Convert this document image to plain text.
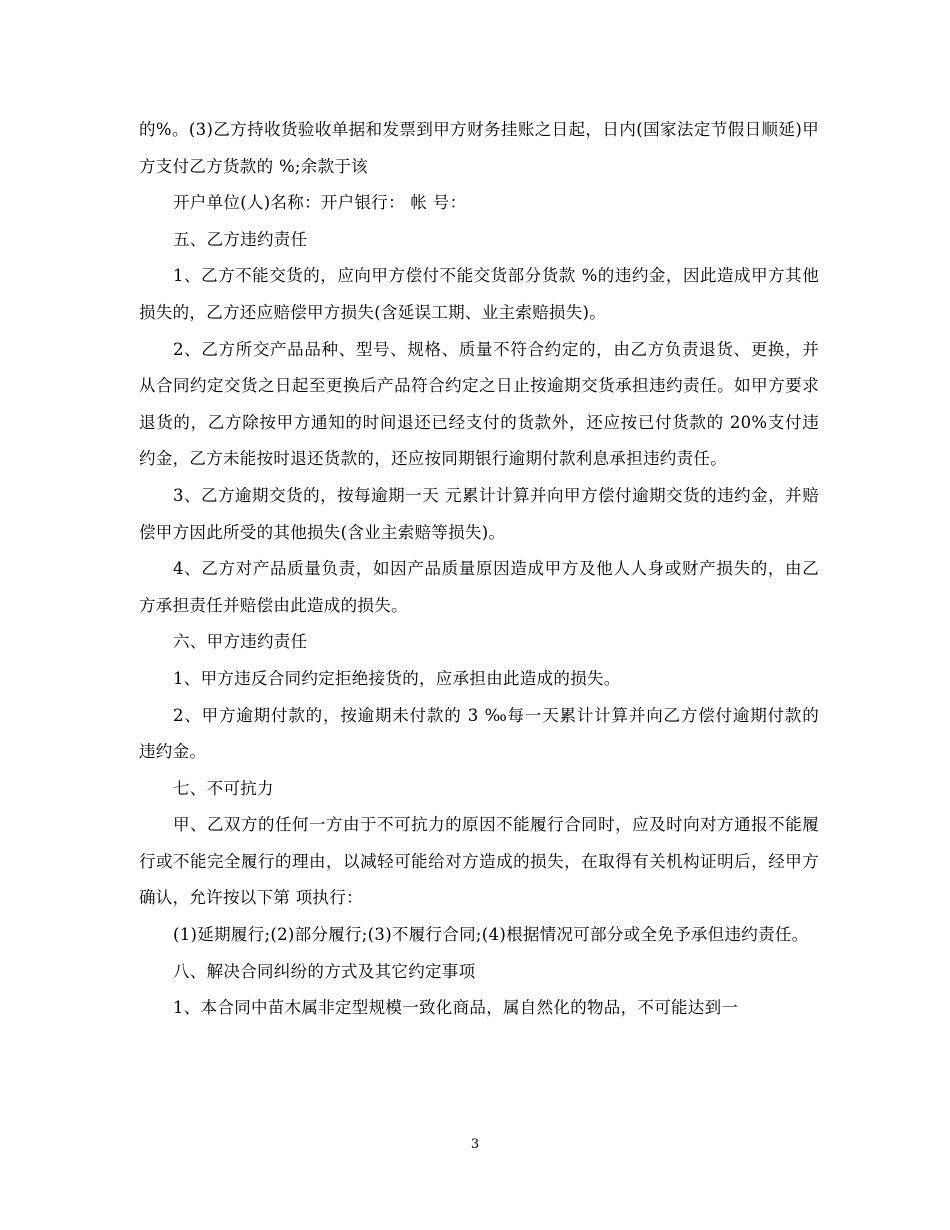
的%。(3)乙方持收货验收单据和发票到甲方财务挂账之日起，日内(国家法定节假日顺延)甲方支付乙方货款的 %;余款于该

开户单位(人)名称：开户银行： 帐 号：

五、乙方违约责任

1、乙方不能交货的，应向甲方偿付不能交货部分货款 %的违约金，因此造成甲方其他损失的，乙方还应赔偿甲方损失(含延误工期、业主索赔损失)。

2、乙方所交产品品种、型号、规格、质量不符合约定的，由乙方负责退货、更换，并从合同约定交货之日起至更换后产品符合约定之日止按逾期交货承担违约责任。如甲方要求退货的，乙方除按甲方通知的时间退还已经支付的货款外，还应按已付货款的 20%支付违约金，乙方未能按时退还货款的，还应按同期银行逾期付款利息承担违约责任。

3、乙方逾期交货的，按每逾期一天 元累计计算并向甲方偿付逾期交货的违约金，并赔偿甲方因此所受的其他损失(含业主索赔等损失)。

4、乙方对产品质量负责，如因产品质量原因造成甲方及他人人身或财产损失的，由乙方承担责任并赔偿由此造成的损失。

六、甲方违约责任

1、甲方违反合同约定拒绝接货的，应承担由此造成的损失。

2、甲方逾期付款的，按逾期未付款的 3 ‰每一天累计计算并向乙方偿付逾期付款的 违约金。

七、不可抗力

甲、乙双方的任何一方由于不可抗力的原因不能履行合同时，应及时向对方通报不能履行或不能完全履行的理由，以减轻可能给对方造成的损失，在取得有关机构证明后，经甲方确认，允许按以下第 项执行：

(1)延期履行;(2)部分履行;(3)不履行合同;(4)根据情况可部分或全免予承但违约责任。

八、解决合同纠纷的方式及其它约定事项

1、本合同中苗木属非定型规模一致化商品，属自然化的物品，不可能达到一

3
